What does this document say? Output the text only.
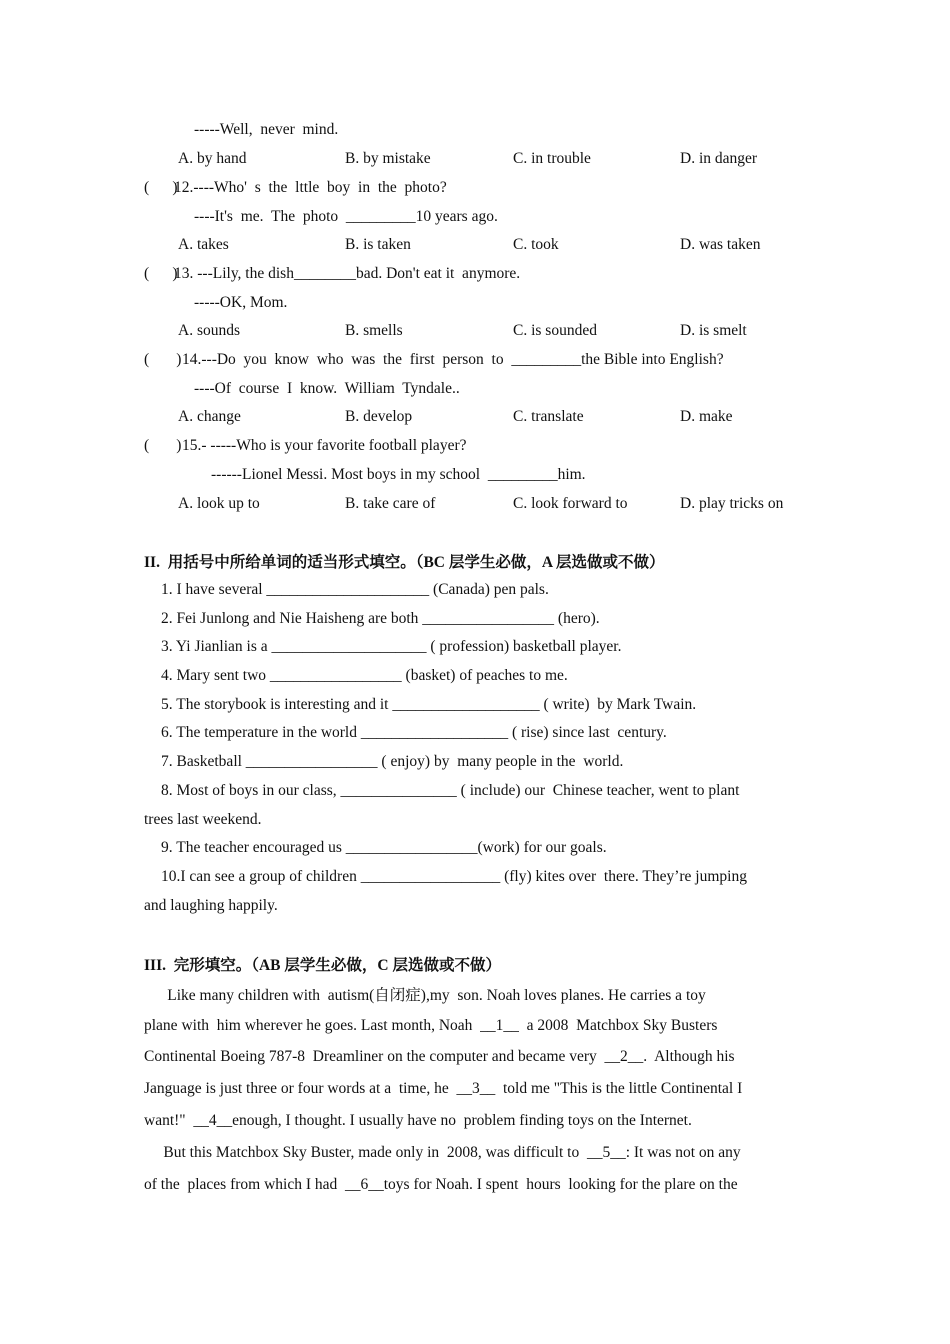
-----Well,  never  mind.
A. by hand	B. by mistake	C. in trouble	D. in danger
(      )
12.----Who'  s  the  lttle  boy  in  the  photo?
----It's  me.  The  photo  _________10 years ago.
A. takes	B. is taken	C. took	D. was taken
(      )
13. ---Lily, the dish________bad. Don't eat it  anymore.
-----OK, Mom.
A. sounds	B. smells	C. is sounded	D. is smelt
(       ) 14.---Do  you  know  who  was  the  first  person  to  _________the Bible into English?
----Of  course  I  know.  William  Tyndale..
A. change	B. develop	C. translate	D. make
(       ) 15.- -----Who is your favorite football player?
------Lionel Messi. Most boys in my school  _________him.
A. look up to	B. take care of	C. look forward to	D. play tricks on
II.  用括号中所给单词的适当形式填空。（BC 层学生必做，A 层选做或不做）
1. I have several _____________________ (Canada) pen pals.
2. Fei Junlong and Nie Haisheng are both _________________ (hero).
3. Yi Jianlian is a ____________________ ( profession) basketball player.
4. Mary sent two _________________ (basket) of peaches to me.
5. The storybook is interesting and it ___________________ ( write)  by Mark Twain.
6. The temperature in the world ___________________ ( rise) since last  century.
7. Basketball _________________ ( enjoy) by  many people in the  world.
8. Most of boys in our class, _______________ ( include) our  Chinese teacher, went to plant
trees last weekend.
9. The teacher encouraged us _________________(work) for our goals.
10.I can see a group of children __________________ (fly) kites over  there. They’re jumping
and laughing happily.
III.  完形填空。（AB 层学生必做，C 层选做或不做）
Like many children with  autism(自闭症),my  son. Noah loves planes. He carries a toy
plane with  him wherever he goes. Last month, Noah  __1__  a 2008  Matchbox Sky Busters
Continental Boeing 787-8  Dreamliner on the computer and became very  __2__.  Although his
Janguage is just three or four words at a  time, he  __3__  told me "This is the little Continental I
want!"  __4__enough, I thought. I usually have no  problem finding toys on the Internet.
But this Matchbox Sky Buster, made only in  2008, was difficult to  __5__: It was not on any
of the  places from which I had  __6__toys for Noah. I spent  hours  looking for the plare on the
